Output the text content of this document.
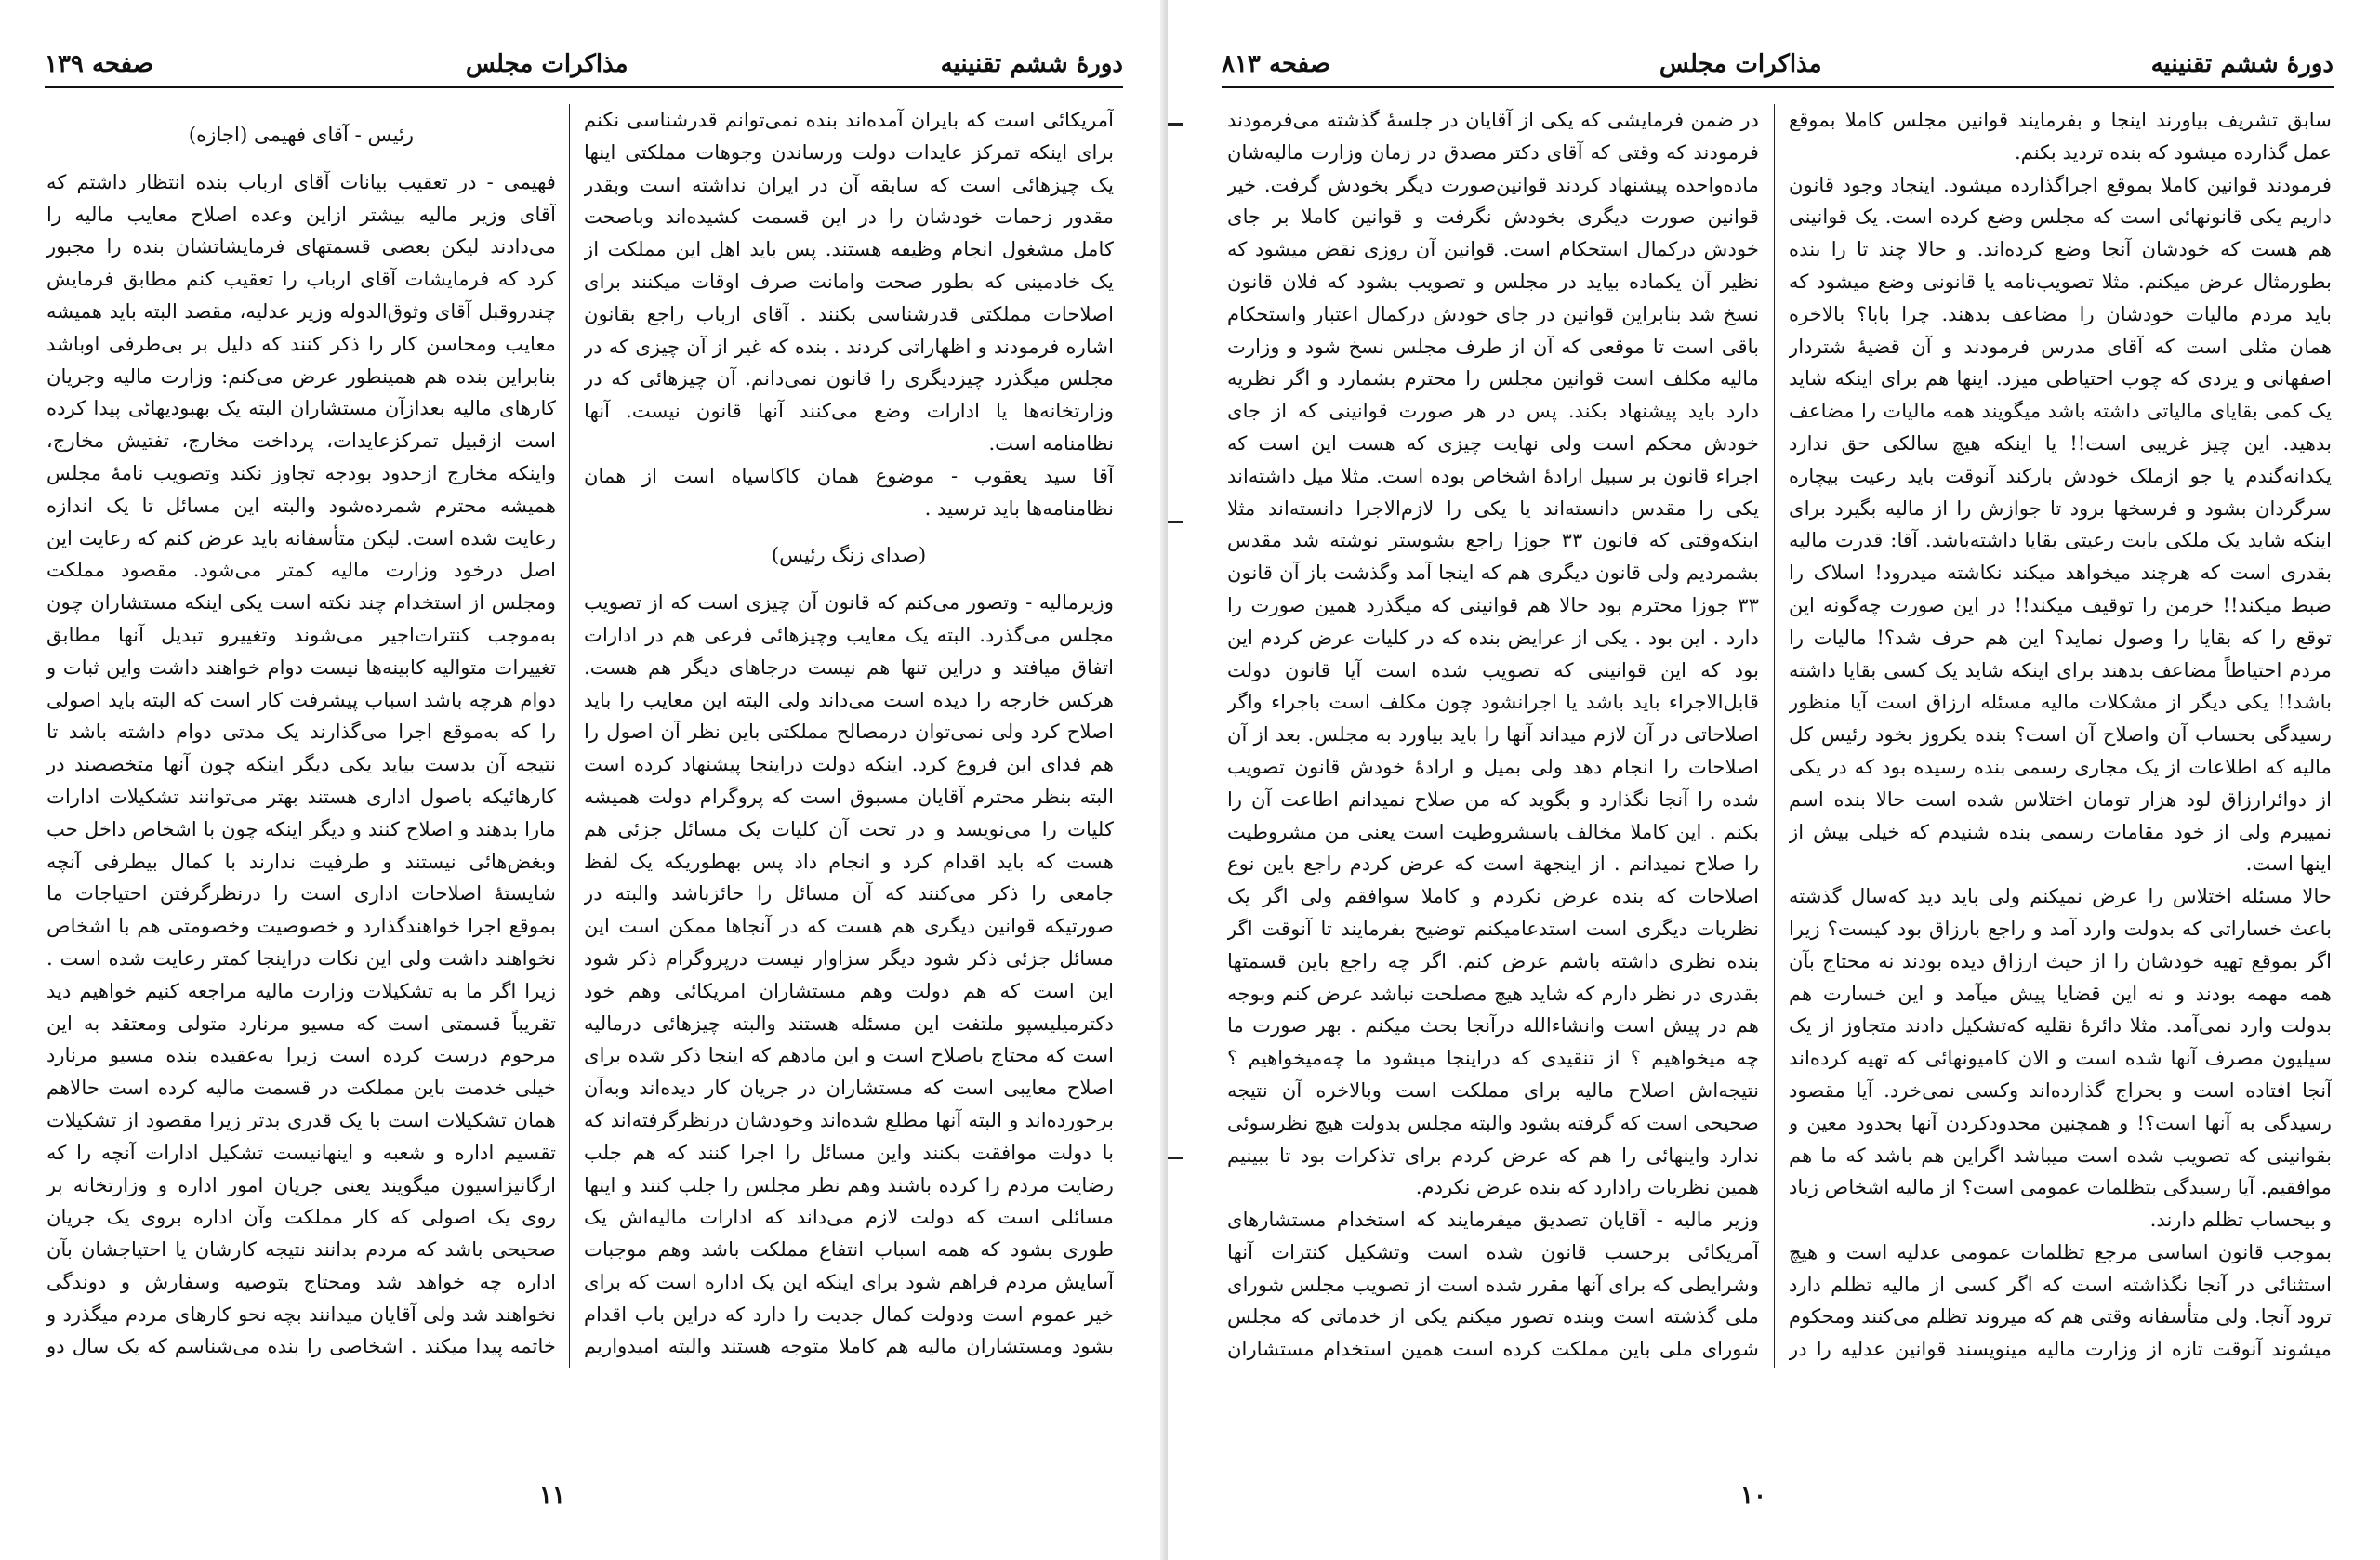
دورهٔ ششم تقنینیه
مذاکرات مجلس
صفحه ۱۳۹

آمریکائی است که بایران آمده‌اند بنده نمی‌توانم قدرشناسی نکنم برای اینکه تمرکز عایدات دولت ورساندن وجوهات مملکتی اینها یک چیزهائی است که سابقه آن در ایران نداشته است وبقدر مقدور زحمات خودشان را در این قسمت کشیده‌اند وباصحت کامل مشغول انجام وظیفه هستند. پس باید اهل این مملکت از یک خادمینی که بطور صحت وامانت صرف اوقات میکنند برای اصلاحات مملکتی قدرشناسی بکنند . آقای ارباب راجع بقانون اشاره فرمودند و اظهاراتی کردند . بنده که غیر از آن چیزی که در مجلس میگذرد چیزدیگری را قانون نمی‌دانم. آن چیزهائی که در وزارتخانه‌ها یا ادارات وضع می‌کنند آنها قانون نیست. آنها نظامنامه است.

آقا سید یعقوب - موضوع همان کاکاسیاه است از همان نظامنامه‌ها باید ترسید .

(صدای زنگ رئیس)

وزیرمالیه - وتصور می‌کنم که قانون آن چیزی است که از تصویب مجلس می‌گذرد. البته یک معایب وچیزهائی فرعی هم در ادارات اتفاق میافتد و دراین تنها هم نیست درجاهای دیگر هم هست. هرکس خارجه را دیده است می‌داند ولی البته این معایب را باید اصلاح کرد ولی نمی‌توان درمصالح مملکتی باین نظر آن اصول را هم فدای این فروع کرد. اینکه دولت دراینجا پیشنهاد کرده است البته بنظر محترم آقایان مسبوق است که پروگرام دولت همیشه کلیات را می‌نویسد و در تحت آن کلیات یک مسائل جزئی هم هست که باید اقدام کرد و انجام داد پس بهطوریکه یک لفظ جامعی را ذکر می‌کنند که آن مسائل را حائزباشد والبته در صورتیکه قوانین دیگری هم هست که در آنجاها ممکن است این مسائل جزئی ذکر شود دیگر سزاوار نیست درپروگرام ذکر شود این است که هم دولت وهم مستشاران امریکائی وهم خود دکترمیلیسپو ملتفت این مسئله هستند والبته چیزهائی درمالیه است که محتاج باصلاح است و این مادهم که اینجا ذکر شده برای اصلاح معایبی است که مستشاران در جریان کار دیده‌اند وبه‌آن برخورده‌اند و البته آنها مطلع شده‌اند وخودشان درنظرگرفته‌اند که با دولت موافقت بکنند واین مسائل را اجرا کنند که هم جلب رضایت مردم را کرده باشند وهم نظر مجلس را جلب کنند و اینها مسائلی است که دولت لازم می‌داند که ادارات مالیه‌اش یک طوری بشود که همه اسباب انتفاع مملکت باشد وهم موجبات آسایش مردم فراهم شود برای اینکه این یک اداره است که برای خیر عموم است ودولت کمال جدیت را دارد که دراین باب اقدام بشود ومستشاران مالیه هم کاملا متوجه هستند والبته امیدواریم

رئیس - آقای فهیمی (اجازه)

فهیمی - در تعقیب بیانات آقای ارباب بنده انتظار داشتم که آقای وزیر مالیه بیشتر ازاین وعده اصلاح معایب مالیه را می‌دادند لیکن بعضی قسمتهای فرمایشاتشان بنده را مجبور کرد که فرمایشات آقای ارباب را تعقیب کنم مطابق فرمایش چندروقبل آقای وثوق‌الدوله وزیر عدلیه، مقصد البته باید همیشه معایب ومحاسن کار را ذکر کنند که دلیل بر بی‌طرفی اوباشد بنابراین بنده هم همینطور عرض می‌کنم: وزارت مالیه وجریان کارهای مالیه بعدازآن مستشاران البته یک بهبودیهائی پیدا کرده است ازقبیل تمرکزعایدات، پرداخت مخارج، تفتیش مخارج، واینکه مخارج ازحدود بودجه تجاوز نکند وتصویب نامهٔ مجلس همیشه محترم شمرده‌شود والبته این مسائل تا یک اندازه رعایت شده است. لیکن متأسفانه باید عرض کنم که رعایت این اصل درخود وزارت مالیه کمتر می‌شود. مقصود مملکت ومجلس از استخدام چند نکته است یکی اینکه مستشاران چون به‌موجب کنترات‌اجیر می‌شوند وتغییرو تبدیل آنها مطابق تغییرات متوالیه کابینه‌ها نیست دوام خواهند داشت واین ثبات و دوام هرچه باشد اسباب پیشرفت کار است که البته باید اصولی را که به‌موقع اجرا می‌گذارند یک مدتی دوام داشته باشد تا نتیجه آن بدست بیاید یکی دیگر اینکه چون آنها متخصصند در کارهائیکه باصول اداری هستند بهتر می‌توانند تشکیلات ادارات مارا بدهند و اصلاح کنند و دیگر اینکه چون با اشخاص داخل حب وبغض‌هائی نیستند و طرفیت ندارند با کمال بیطرفی آنچه شایستهٔ اصلاحات اداری است را درنظرگرفتن احتیاجات ما بموقع اجرا خواهندگذارد و خصوصیت وخصومتی هم با اشخاص نخواهند داشت ولی این نکات دراینجا کمتر رعایت شده است . زیرا اگر ما به تشکیلات وزارت مالیه مراجعه کنیم خواهیم دید تقریباً قسمتی است که مسیو مرنارد متولی ومعتقد به این مرحوم درست کرده است زیرا به‌عقیده بنده مسیو مرنارد خیلی خدمت باین مملکت در قسمت مالیه کرده است حالاهم همان تشکیلات است با یک قدری بدتر زیرا مقصود از تشکیلات تقسیم اداره و شعبه و اینهانیست تشکیل ادارات آنچه را که ارگانیزاسیون میگویند یعنی جریان امور اداره و وزارتخانه بر روی یک اصولی که کار مملکت وآن اداره بروی یک جریان صحیحی باشد که مردم بدانند نتیجه کارشان یا احتیاجشان بآن اداره چه خواهد شد ومحتاج بتوصیه وسفارش و دوندگی نخواهند شد ولی آقایان میدانند بچه نحو کارهای مردم میگذرد و خاتمه پیدا میکند . اشخاصی را بنده می‌شناسم که یک سال دو

۱۱
دورهٔ ششم تقنینیه
مذاکرات مجلس
صفحه ۸۱۳

سابق تشریف بیاورند اینجا و بفرمایند قوانین مجلس کاملا بموقع عمل گذارده میشود که بنده تردید بکنم.

فرمودند قوانین کاملا بموقع اجراگذارده میشود. اینجاد وجود قانون داریم یکی قانونهائی است که مجلس وضع کرده است. یک قوانینی هم هست که خودشان آنجا وضع کرده‌اند. و حالا چند تا را بنده بطورمثال عرض میکنم. مثلا تصویب‌نامه یا قانونی وضع میشود که باید مردم مالیات خودشان را مضاعف بدهند. چرا بابا؟ بالاخره همان مثلی است که آقای مدرس فرمودند و آن قضیهٔ شتردار اصفهانی و یزدی که چوب احتیاطی میزد. اینها هم برای اینکه شاید یک کمی بقایای مالیاتی داشته باشد میگویند همه مالیات را مضاعف بدهید. این چیز غریبی است!! یا اینکه هیچ سالکی حق ندارد یکدانه‌گندم یا جو ازملک خودش بارکند آنوقت باید رعیت بیچاره سرگردان بشود و فرسخها برود تا جوازش را از مالیه بگیرد برای اینکه شاید یک ملکی بابت رعیتی بقایا داشته‌باشد. آقا: قدرت مالیه بقدری است که هرچند میخواهد میکند نکاشته میدرود! اسلاک را ضبط میکند!! خرمن را توقیف میکند!! در این صورت چه‌گونه این توقع را که بقایا را وصول نماید؟ این هم حرف شد؟! مالیات را مردم احتیاطاً مضاعف بدهند برای اینکه شاید یک کسی بقایا داشته باشد!! یکی دیگر از مشکلات مالیه مسئله ارزاق است آیا منظور رسیدگی بحساب آن واصلاح آن است؟ بنده یکروز بخود رئیس کل مالیه که اطلاعات از یک مجاری رسمی بنده رسیده بود که در یکی از دوائرارزاق لود هزار تومان اختلاس شده است حالا بنده اسم نمیبرم ولی از خود مقامات رسمی بنده شنیدم که خیلی بیش از اینها است.

حالا مسئله اختلاس را عرض نمیکنم ولی باید دید که‌سال گذشته باعث خساراتی که بدولت وارد آمد و راجع بارزاق بود کیست؟ زیرا اگر بموقع تهیه خودشان را از حیث ارزاق دیده بودند نه محتاج بآن همه‌ مهمه بودند و نه این قضایا پیش میآمد و این خسارت هم بدولت وارد نمی‌آمد. مثلا دائرهٔ نقلیه که‌تشکیل دادند متجاوز از یک سیلیون مصرف آنها شده است و الان کامیونهائی که تهیه کرده‌اند آنجا افتاده است و بحراج گذارده‌اند وکسی نمی‌خرد. آیا مقصود رسیدگی به آنها است؟! و همچنین محدودکردن آنها بحدود معین و بقوانینی که تصویب شده است میباشد اگراین هم باشد که ما هم موافقیم. آیا رسیدگی بتظلمات عمومی است؟ از مالیه اشخاص زیاد و بیحساب تظلم دارند.

بموجب قانون اساسی مرجع تظلمات عمومی عدلیه است و هیچ استثنائی در آنجا نگذاشته است که اگر کسی از مالیه تظلم دارد ترود آنجا. ولی متأسفانه وقتی هم که میروند تظلم می‌کنند ومحکوم میشوند آنوقت تازه از وزارت مالیه مینویسند قوانین عدلیه را در

در ضمن فرمایشی که یکی از آقایان در جلسهٔ گذشته می‌فرمودند فرمودند که وقتی که آقای دکتر مصدق در زمان وزارت مالیه‌شان ماده‌واحده پیشنهاد کردند قوانین‌صورت دیگر بخودش گرفت. خیر قوانین صورت دیگری بخودش نگرفت و قوانین کاملا بر جای خودش درکمال استحکام است. قوانین آن روزی نقض میشود که نظیر آن یکماده بیاید در مجلس و تصویب بشود که فلان قانون نسخ شد بنابراین قوانین در جای خودش درکمال اعتبار واستحکام باقی است تا موقعی که آن از طرف مجلس نسخ شود و وزارت مالیه مکلف است قوانین مجلس را محترم بشمارد و اگر نظریه دارد باید پیشنهاد بکند. پس در هر صورت قوانینی که از جای خودش محکم است ولی نهایت چیزی که هست این است که اجراء قانون بر سبیل ارادهٔ اشخاص بوده است. مثلا میل داشته‌اند یکی را مقدس دانسته‌اند یا یکی را لازم‌الاجرا دانسته‌اند مثلا اینکه‌وقتی که قانون ۳۳ جوزا راجع بشوستر نوشته شد مقدس بشمردیم ولی قانون دیگری هم که اینجا آمد وگذشت باز آن قانون ۳۳ جوزا محترم بود حالا هم قوانینی که میگذرد همین صورت را دارد . این بود . یکی از عرایض بنده که در کلیات عرض کردم این بود که این قوانینی که تصویب شده است آیا قانون دولت قابل‌الاجراء باید باشد یا اجرانشود چون مکلف است باجراء واگر اصلاحاتی در آن لازم میداند آنها را باید بیاورد به مجلس. بعد از آن اصلاحات را انجام دهد ولی بمیل و ارادهٔ خودش قانون تصویب شده را آنجا نگذارد و بگوید که من صلاح نمیدانم اطاعت آن را بکنم . این کاملا مخالف باسشروطیت است یعنی من مشروطیت را صلاح نمیدانم . از اینجهة است که عرض کردم راجع باین نوع اصلاحات که بنده عرض نکردم و کاملا سوافقم ولی اگر یک نظریات دیگری است استدعامیکنم توضیح بفرمایند تا آنوقت اگر بنده نظری داشته باشم عرض کنم. اگر چه راجع باین قسمتها بقدری در نظر دارم که شاید هیچ مصلحت نباشد عرض کنم وبوجه هم در پیش است وانشاءالله درآنجا بحث میکنم . بهر صورت ما چه میخواهیم ؟ از تنقیدی که دراینجا میشود ما چه‌میخواهیم ؟ نتیجه‌اش اصلاح مالیه برای مملکت است وبالاخره آن نتیجه صحیحی است که گرفته بشود والبته مجلس بدولت هیچ نظرسوئی ندارد واینهائی را هم که عرض کردم برای تذکرات بود تا ببینیم همین نظریات رادارد که بنده عرض نکردم.

وزیر مالیه - آقایان تصدیق میفرمایند که استخدام مستشارهای آمریکائی برحسب قانون شده است وتشکیل کنترات آنها وشرایطی که برای آنها مقرر شده است از تصویب مجلس شورای ملی گذشته است وبنده تصور میکنم یکی از خدماتی که مجلس شورای ملی باین مملکت کرده است همین استخدام مستشاران

۱۰
